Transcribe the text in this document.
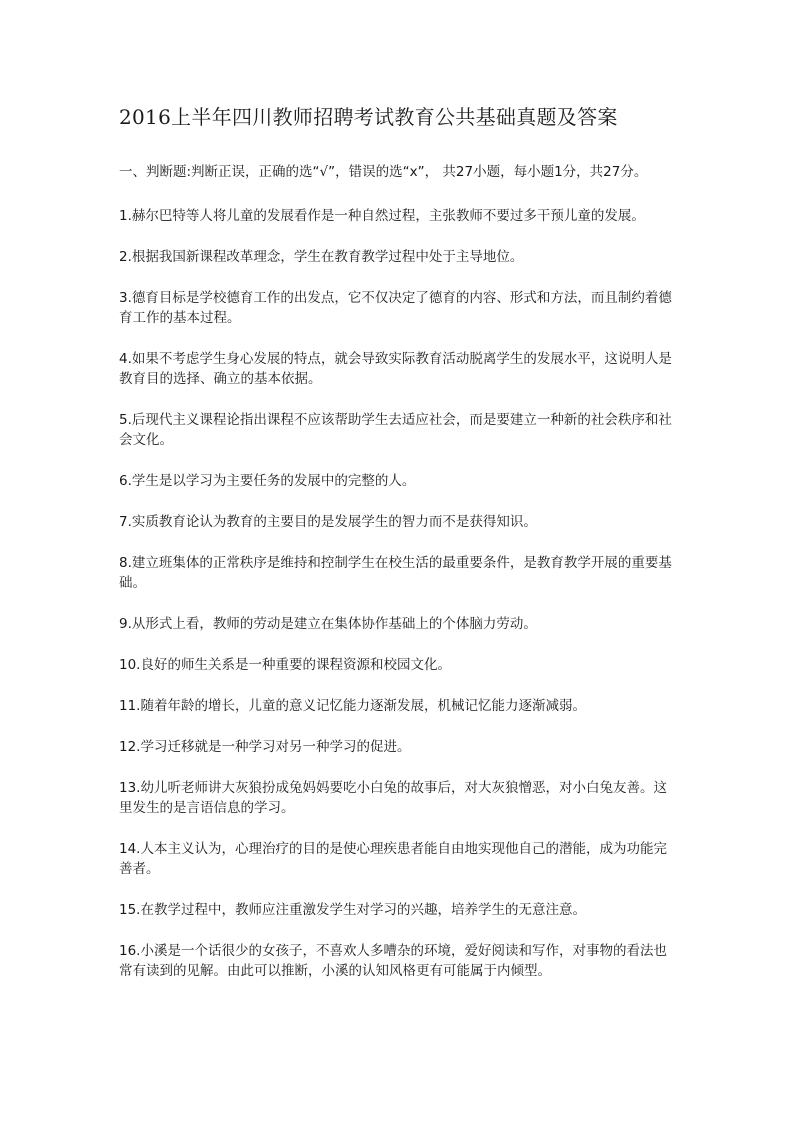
2016上半年四川教师招聘考试教育公共基础真题及答案

一、判断题:判断正误，正确的选“√”，错误的选“x”， 共27小题，每小题1分，共27分。

1.赫尔巴特等人将儿童的发展看作是一种自然过程，主张教师不要过多干预儿童的发展。

2.根据我国新课程改革理念，学生在教育教学过程中处于主导地位。

3.德育目标是学校德育工作的出发点，它不仅决定了德育的内容、形式和方法，而且制约着德育工作的基本过程。

4.如果不考虑学生身心发展的特点，就会导致实际教育活动脱离学生的发展水平，这说明人是教育目的选择、确立的基本依据。

5.后现代主义课程论指出课程不应该帮助学生去适应社会，而是要建立一种新的社会秩序和社会文化。

6.学生是以学习为主要任务的发展中的完整的人。

7.实质教育论认为教育的主要目的是发展学生的智力而不是获得知识。

8.建立班集体的正常秩序是维持和控制学生在校生活的最重要条件，是教育教学开展的重要基础。

9.从形式上看，教师的劳动是建立在集体协作基础上的个体脑力劳动。

10.良好的师生关系是一种重要的课程资源和校园文化。

11.随着年龄的增长，儿童的意义记忆能力逐渐发展，机械记忆能力逐渐减弱。

12.学习迁移就是一种学习对另一种学习的促进。

13.幼儿听老师讲大灰狼扮成兔妈妈要吃小白兔的故事后，对大灰狼憎恶，对小白兔友善。这里发生的是言语信息的学习。

14.人本主义认为，心理治疗的目的是使心理疾患者能自由地实现他自己的潜能，成为功能完善者。

15.在教学过程中，教师应注重激发学生对学习的兴趣，培养学生的无意注意。

16.小溪是一个话很少的女孩子，不喜欢人多嘈杂的环境，爱好阅读和写作，对事物的看法也常有读到的见解。由此可以推断，小溪的认知风格更有可能属于内倾型。
